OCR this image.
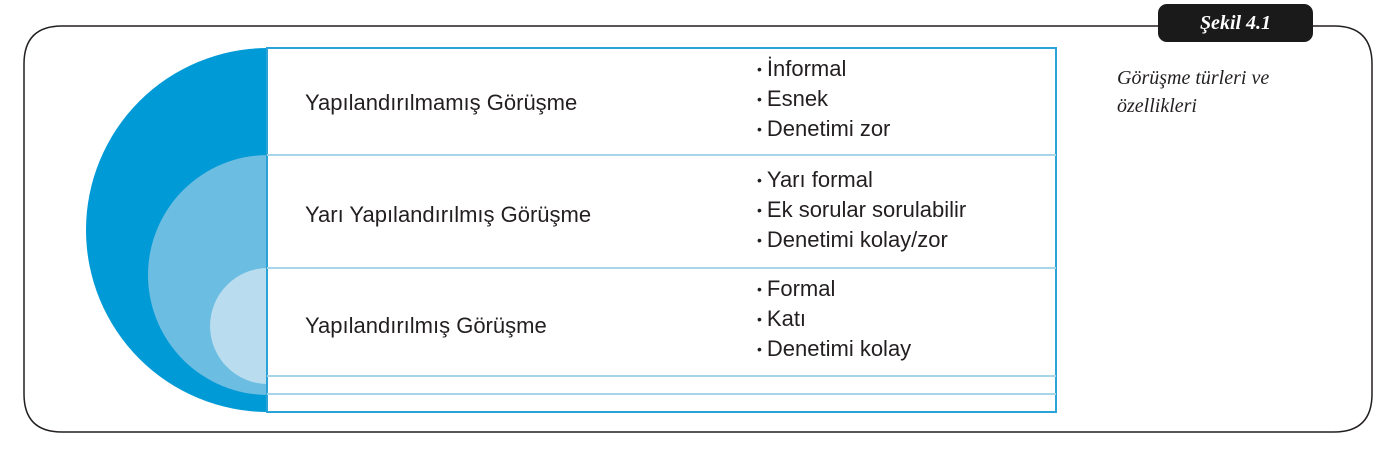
Yapılandırılmamış Görüşme
• İnformal
• Esnek
• Denetimi zor
Yarı Yapılandırılmış Görüşme
• Yarı formal
• Ek sorular sorulabilir
• Denetimi kolay/zor
Yapılandırılmış Görüşme
• Formal
• Katı
• Denetimi kolay
Şekil 4.1
Görüşme türleri ve özellikleri
